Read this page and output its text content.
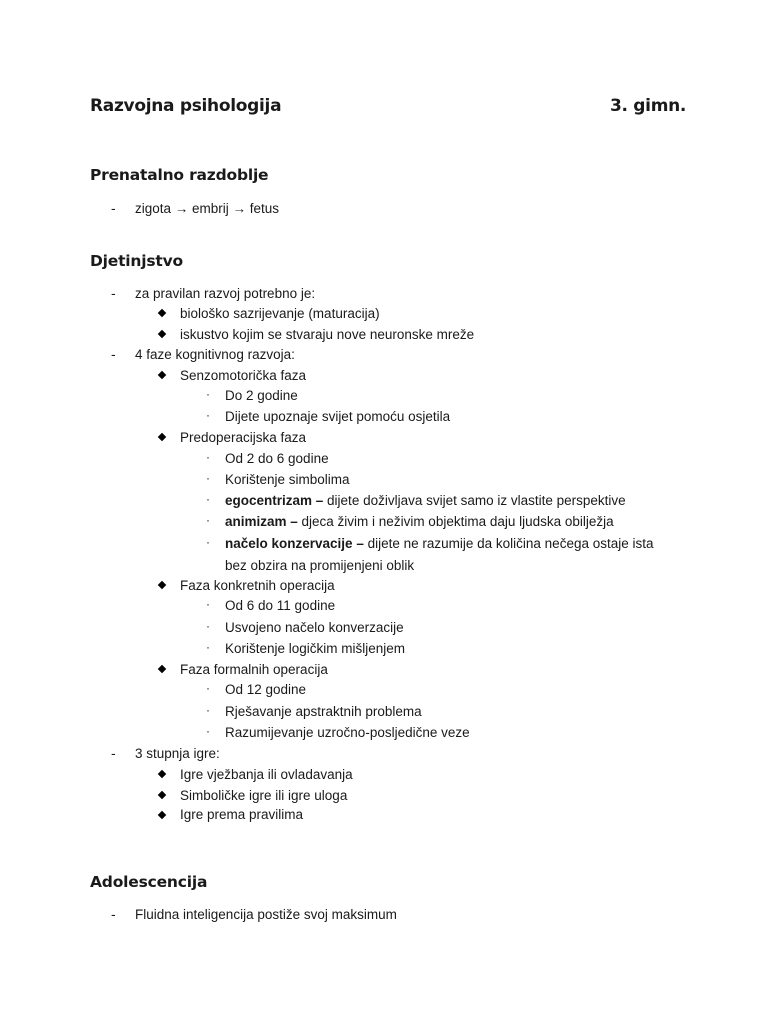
Razvojna psihologija	3. gimn.
Prenatalno razdoblje
- zigota → embrij → fetus
Djetinjstvo
- za pravilan razvoj potrebno je:
biološko sazrijevanje (maturacija)
iskustvo kojim se stvaraju nove neuronske mreže
- 4 faze kognitivnog razvoja:
Senzomotorička faza
· Do 2 godine
· Dijete upoznaje svijet pomoću osjetila
Predoperacijska faza
· Od 2 do 6 godine
· Korištenje simbolima
· egocentrizam – dijete doživljava svijet samo iz vlastite perspektive
· animizam – djeca živim i neživim objektima daju ljudska obilježja
· načelo konzervacije – dijete ne razumije da količina nečega ostaje ista
bez obzira na promijenjeni oblik
Faza konkretnih operacija
· Od 6 do 11 godine
· Usvojeno načelo konverzacije
· Korištenje logičkim mišljenjem
Faza formalnih operacija
· Od 12 godine
· Rješavanje apstraktnih problema
· Razumijevanje uzročno-posljedične veze
- 3 stupnja igre:
Igre vježbanja ili ovladavanja
Simboličke igre ili igre uloga
Igre prema pravilima
Adolescencija
- Fluidna inteligencija postiže svoj maksimum
